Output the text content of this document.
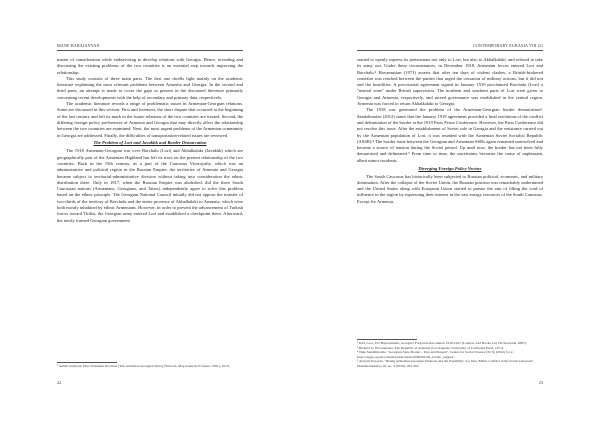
MANE BABAJANYAN

matter of consideration while endeavoring to develop relations with Georgia. Hence, revealing and discussing the existing problems of the two countries is an essential step towards improving the relationship.

This study consists of three main parts. The first one dwells light mainly on the academic literature explaining the most relevant problems between Armenia and Georgia. In the second and third parts, an attempt is made to cover the gaps at present in the discussed literature primarily concerning recent developments with the help of secondary and primary data, respectively.

The academic literature reveals a range of problematic issues in Armenian-Georgian relations. Some are discussed in this section. First and foremost, the short dispute that occurred at the beginning of the last century and left its mark in the future relations of the two countries are treated. Second, the differing foreign policy preferences of Armenia and Georgia that may directly affect the relationship between the two countries are examined. Next, the most urgent problems of the Armenian community in Georgia are addressed. Finally, the difficulties of transportation-related issues are reviewed.

The Problem of Lori and Javakhk and Border Demarcation

The 1918 Armenian-Georgian war over Borchalu (Lori) and Akhalkalaki (Javakhk) which are geographically part of the Armenian Highland has left its trace on the present relationship of the two countries. Back in the 19th century, as a part of the Caucasus Viceroyalty, which was an administrative and political region in the Russian Empire, the territories of Armenia and Georgia became subject to territorial-administrative division without taking into consideration the ethnic distribution there. Only in 1917, when the Russian Empire was abolished, did the three South Caucasian nations (Armenians, Georgians, and Tatars) independently agree to solve this problem based on the ethnic principle. The Georgian National Council initially did not oppose the transfer of two-thirds of the territory of Borchalu and the entire province of Akhalkalaki to Armenia, which were both mostly inhabited by ethnic Armenians. However, in order to prevent the advancement of Turkish forces toward Tbilisi, the Georgian army entered Lori and established a checkpoint there. Afterward, the newly formed Georgian government

¹ Anhalt Janalyan, Hay-Vratsakan Kovitner [The Armenian-Georgian Wars] (Yerevan, Mag Analytical Center, 1991), 16-21.
22
CONTEMPORARY EURASIA VIII (2)

started to openly express its pretensions not only to Lori, but also to Akhalkalaki, and refused to take its army out. Under these circumstances, in December 1918, Armenian forces entered Lori and Borchalu.² Hovannisian (1971) asserts that after ten days of violent clashes, a British-brokered ceasefire was reached between the parties that urged the cessation of military actions, but it did not end the hostilities. A provisional agreement signed in January 1919 proclaimed Borchalu (Lori) a "neutral zone" under British supervision. The northern and southern parts of Lori were given to Georgia and Armenia, respectively, and mixed governance was established in the central region. Armenia was forced to return Akhalkalaki to Georgia.

The 1918 war generated the problem of the Armenian-Georgian border demarcation³. Sandzhiradze (2012) states that the January 1919 agreement provided a final resolution of the conflict and delimitation of the border at the 1919 Paris Peace Conference. However, the Paris Conference did not resolve this issue. After the establishment of Soviet rule in Georgia and the resistance carried out by the Armenian population of Lori, it was reunited with the Armenian Soviet Socialist Republic (ASSR).⁴ The border issue between the Georgian and Armenian SSRs again remained unresolved and became a source of tension during the Soviet period. Up until now, the border has not been fully demarcated and delineated.⁵ From time to time, the uncertainty becomes the cause of unpleasant, albeit minor incidents.

Diverging Foreign Policy Vectors

The South Caucasus has historically been subjected to Russian political, economic, and military domination. After the collapse of the Soviet Union, the Russian position was remarkably undermined and the United States along with European Union started to pursue the aim of filling the void of influence in the region by expressing their interest in the vast energy resources of the South Caucasus. Except for Armenia,

² Ibid; Lore, Yla Hayotsemani, Georgia's Forgotten Revolution 1918-1921 (London, Zed Books Ltd, Ha Stewards, 2007).
³ Richard G. Hovannisian, The Republic of Armenia (Los Angeles, University of California Press, 1971).
⁴ Nika Sandzhiradze, "Georgian Slate Border – Past and Present", Center for Social Science (SCS) (2012) 9-12.
http://csgge.org/en/content/publications/2009/09/dfa_border_rugged/.
⁵ Artyom Tonoyan, "Rising Armenian-Georgian Tensions and the Possibility of a New Ethnic Conflict in the South Caucasus", Demokratizatsiya 18, no. 4 (2010): 291-302.
23
